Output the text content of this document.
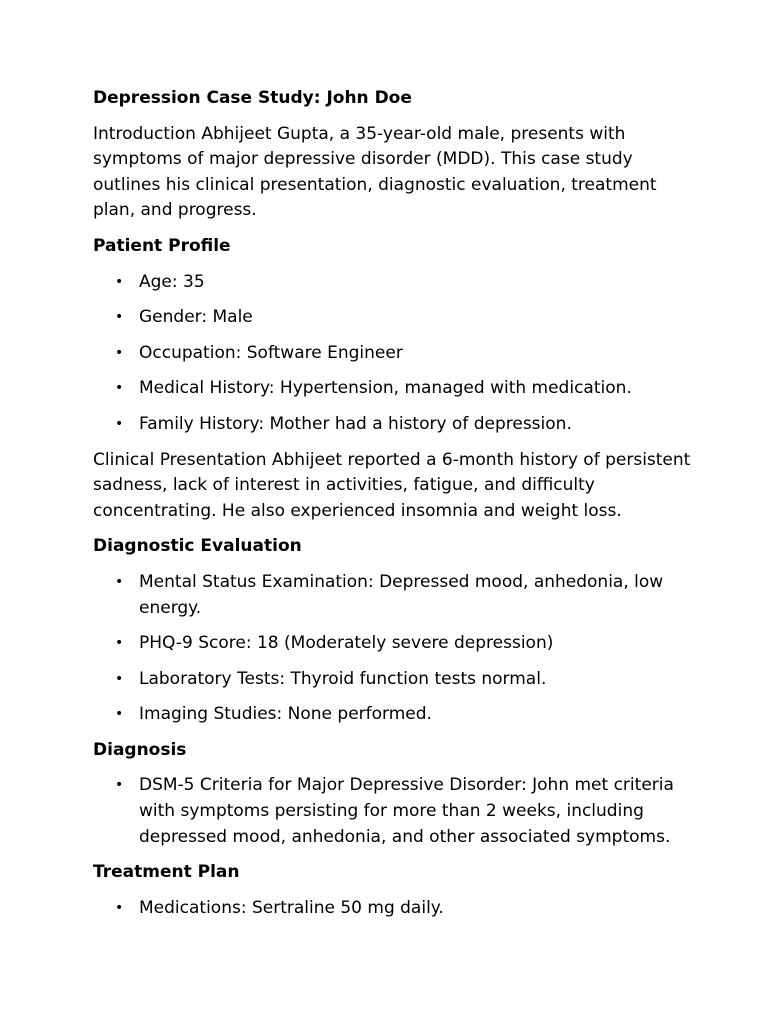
Depression Case Study: John Doe
Introduction Abhijeet Gupta, a 35-year-old male, presents with symptoms of major depressive disorder (MDD). This case study outlines his clinical presentation, diagnostic evaluation, treatment plan, and progress.
Patient Profile
• Age: 35
• Gender: Male
• Occupation: Software Engineer
• Medical History: Hypertension, managed with medication.
• Family History: Mother had a history of depression.
Clinical Presentation Abhijeet reported a 6-month history of persistent sadness, lack of interest in activities, fatigue, and difficulty concentrating. He also experienced insomnia and weight loss.
Diagnostic Evaluation
• Mental Status Examination: Depressed mood, anhedonia, low energy.
• PHQ-9 Score: 18 (Moderately severe depression)
• Laboratory Tests: Thyroid function tests normal.
• Imaging Studies: None performed.
Diagnosis
• DSM-5 Criteria for Major Depressive Disorder: John met criteria with symptoms persisting for more than 2 weeks, including depressed mood, anhedonia, and other associated symptoms.
Treatment Plan
• Medications: Sertraline 50 mg daily.
